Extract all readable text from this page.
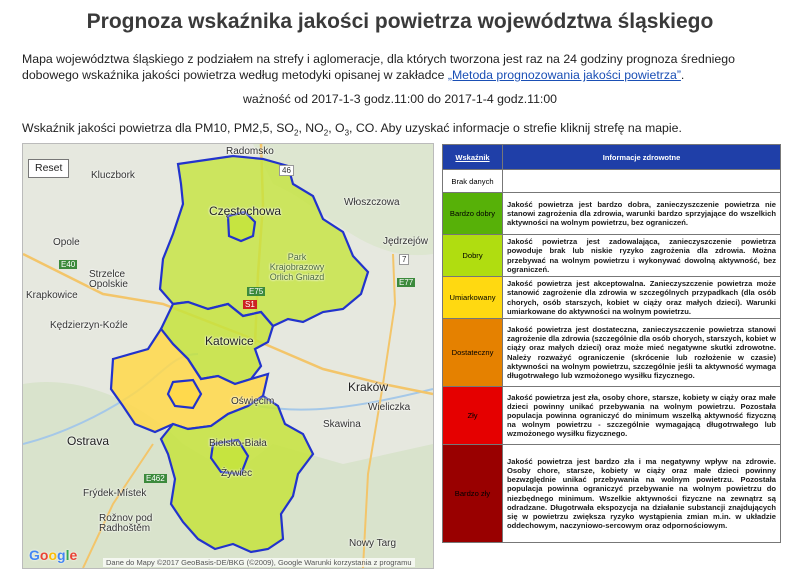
Prognoza wskaźnika jakości powietrza województwa śląskiego
Mapa województwa śląskiego z podziałem na strefy i aglomeracje, dla których tworzona jest raz na 24 godziny prognoza średniego dobowego wskaźnika jakości powietrza według metodyki opisanej w zakładce „Metoda prognozowania jakości powietrza”.
ważność od 2017-1-3 godz.11:00 do 2017-1-4 godz.11:00
Wskaźnik jakości powietrza dla PM10, PM2,5, $SO_2$, $NO_2$, $O_3$, CO. Aby uzyskać informacje o strefie kliknij strefę na mapie.
Reset
Radomsko
Kluczbork
Częstochowa
Włoszczowa
Opole
Park Krajobrazowy Orlich Gniazd
Jędrzejów
Strzelce Opolskie
Krapkowice
Kędzierzyn-Koźle
Katowice
Kraków
Oświęcim
Wieliczka
Skawina
Ostrava	Bielsko-Biała
Żywiec
Frýdek-Místek
Rožnov pod Radhoštěm
Nowy Targ
E40
E77
E462
E75
S1
46
7
Google	Dane do Mapy ©2017 GeoBasis-DE/BKG (©2009), Google Warunki korzystania z programu
Wskaźnik	Informacje zdrowotne
Brak danych	
Bardzo dobry	Jakość powietrza jest bardzo dobra, zanieczyszczenie powietrza nie stanowi zagrożenia dla zdrowia, warunki bardzo sprzyjające do wszelkich aktywności na wolnym powietrzu, bez ograniczeń.
Dobry	Jakość powietrza jest zadowalająca, zanieczyszczenie powietrza powoduje brak lub niskie ryzyko zagrożenia dla zdrowia. Można przebywać na wolnym powietrzu i wykonywać dowolną aktywność, bez ograniczeń.
Umiarkowany	Jakość powietrza jest akceptowalna. Zanieczyszczenie powietrza może stanowić zagrożenie dla zdrowia w szczególnych przypadkach (dla osób chorych, osób starszych, kobiet w ciąży oraz małych dzieci). Warunki umiarkowane do aktywności na wolnym powietrzu.
Dostateczny	Jakość powietrza jest dostateczna, zanieczyszczenie powietrza stanowi zagrożenie dla zdrowia (szczególnie dla osób chorych, starszych, kobiet w ciąży oraz małych dzieci) oraz może mieć negatywne skutki zdrowotne. Należy rozważyć ograniczenie (skrócenie lub rozłożenie w czasie) aktywności na wolnym powietrzu, szczególnie jeśli ta aktywność wymaga długotrwałego lub wzmożonego wysiłku fizycznego.
Zły	Jakość powietrza jest zła, osoby chore, starsze, kobiety w ciąży oraz małe dzieci powinny unikać przebywania na wolnym powietrzu. Pozostała populacja powinna ograniczyć do minimum wszelką aktywność fizyczną na wolnym powietrzu - szczególnie wymagającą długotrwałego lub wzmożonego wysiłku fizycznego.
Bardzo zły	Jakość powietrza jest bardzo zła i ma negatywny wpływ na zdrowie. Osoby chore, starsze, kobiety w ciąży oraz małe dzieci powinny bezwzględnie unikać przebywania na wolnym powietrzu. Pozostała populacja powinna ograniczyć przebywanie na wolnym powietrzu do niezbędnego minimum. Wszelkie aktywności fizyczne na zewnątrz są odradzane. Długotrwała ekspozycja na działanie substancji znajdujących się w powietrzu zwiększa ryzyko wystąpienia zmian m.in. w układzie oddechowym, naczyniowo-sercowym oraz odpornościowym.
